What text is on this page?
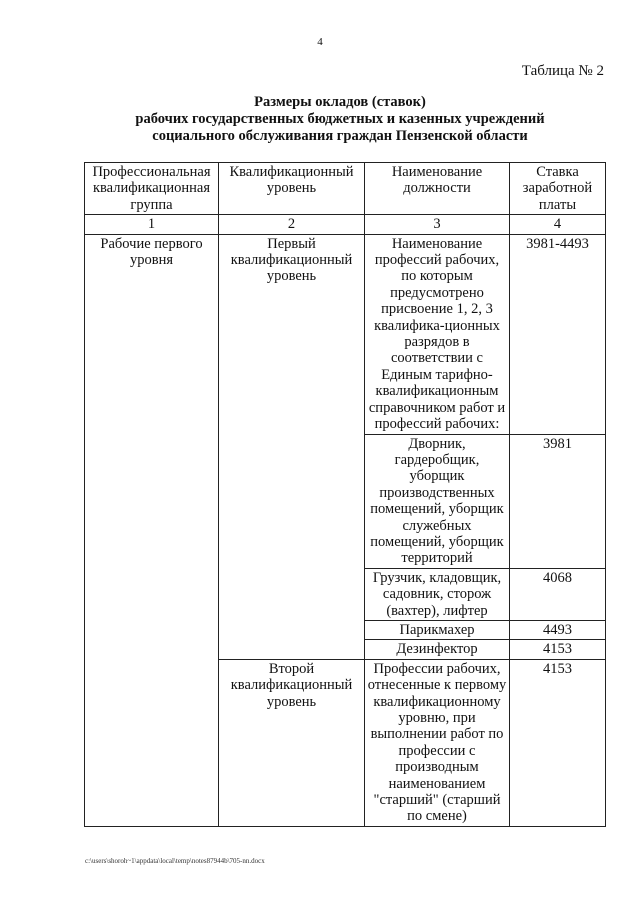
4
Таблица № 2
Размеры окладов (ставок)
рабочих государственных бюджетных и казенных учреждений
социального обслуживания граждан Пензенской области
Профессиональная квалификационная группа	Квалификационный уровень	Наименование должности	Ставка заработной платы
1	2	3	4
Рабочие первого уровня	Первый квалификационный уровень	Наименование профессий рабочих, по которым предусмотрено присвоение 1, 2, 3 квалифика-ционных разрядов в соответствии с Единым тарифно-квалификационным справочником работ и профессий рабочих:	3981-4493
		Дворник, гардеробщик, уборщик производственных помещений, уборщик служебных помещений, уборщик территорий	3981
		Грузчик, кладовщик, садовник, сторож (вахтер), лифтер	4068
		Парикмахер	4493
		Дезинфектор	4153
	Второй квалификационный уровень	Профессии рабочих, отнесенные к первому квалификационному уровню, при выполнении работ по профессии с производным наименованием "старший" (старший по смене)	4153
c:\users\shoroh~1\appdata\local\temp\notes87944b\705-nn.docx
